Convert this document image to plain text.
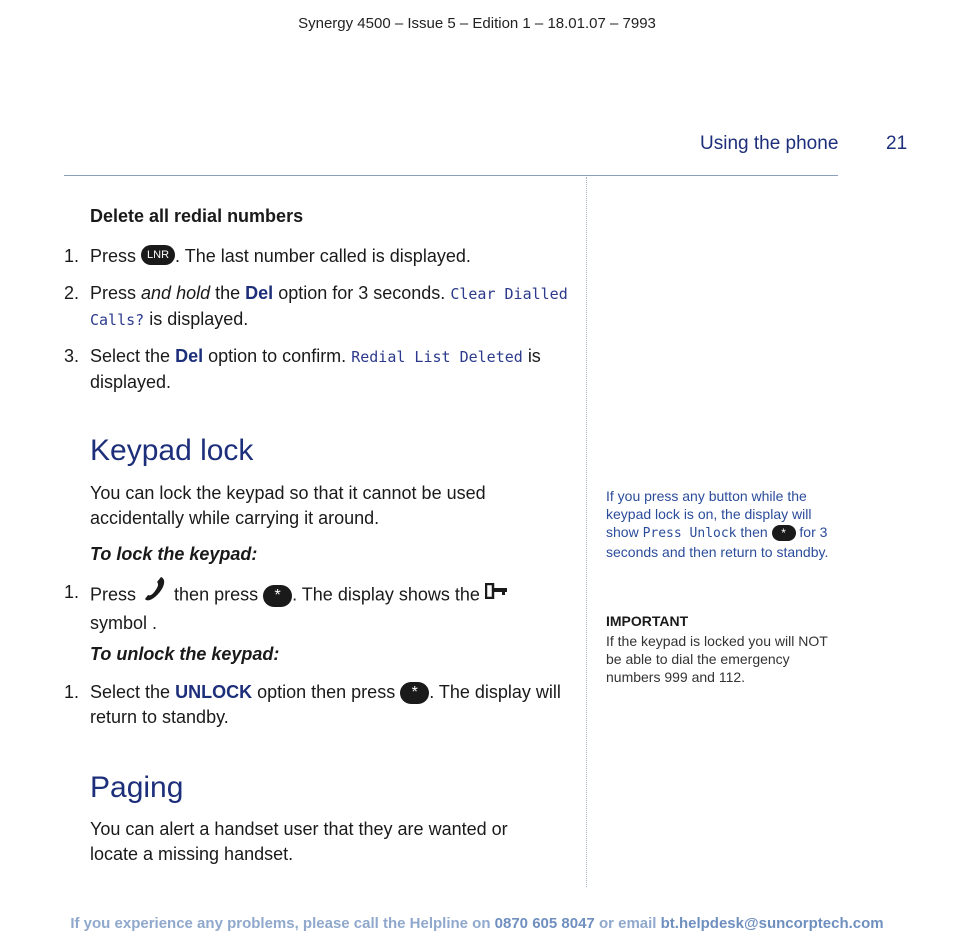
Synergy 4500 – Issue 5 – Edition 1 – 18.01.07 – 7993
Using the phone	21
Delete all redial numbers
1. Press LNR . The last number called is displayed.
2. Press and hold the Del option for 3 seconds. Clear Dialled Calls? is displayed.
3. Select the Del option to confirm. Redial List Deleted is displayed.
Keypad lock
You can lock the keypad so that it cannot be used accidentally while carrying it around.
To lock the keypad:
1. Press then press * . The display shows the  symbol .
To unlock the keypad:
1. Select the UNLOCK option then press * . The display will return to standby.
Paging
You can alert a handset user that they are wanted or locate a missing handset.
If you press any button while the keypad lock is on, the display will show Press Unlock then * for 3 seconds and then return to standby.
IMPORTANT
If the keypad is locked you will NOT be able to dial the emergency numbers 999 and 112.
If you experience any problems, please call the Helpline on 0870 605 8047 or email bt.helpdesk@suncorptech.com
